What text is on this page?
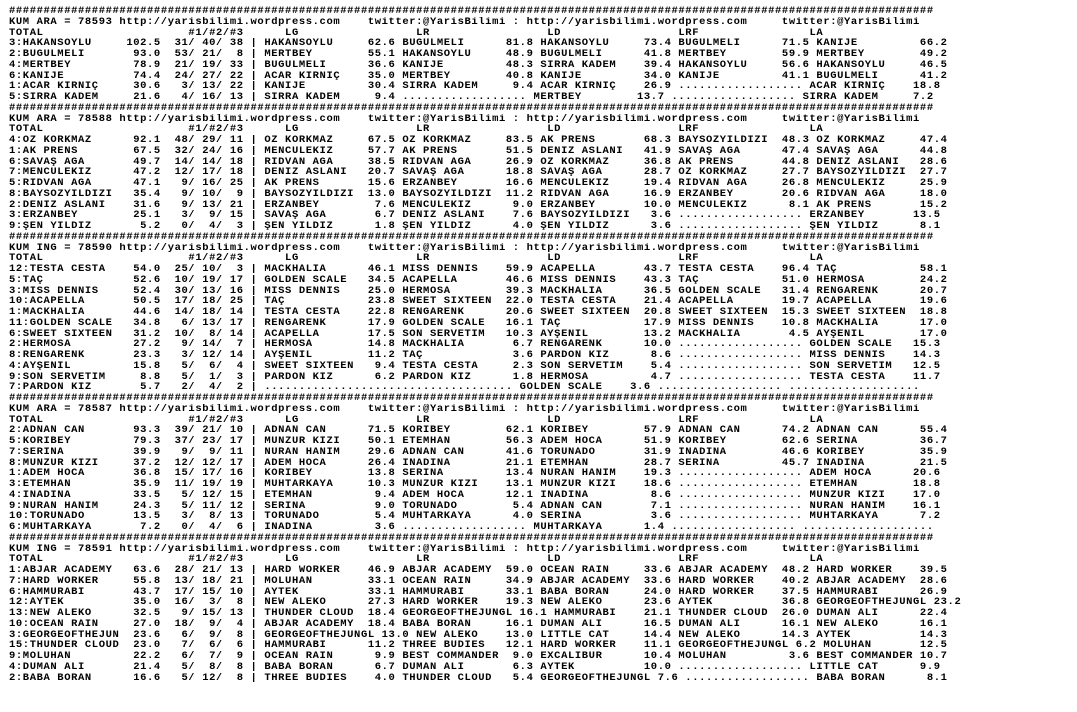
######################################################################################################################################
KUM ARA = 78593 http://yarisbilimi.wordpress.com    twitter:@YarisBilimi : http://yarisbilimi.wordpress.com     twitter:@YarisBilimi
TOTAL                     #1/#2/#3      LG                 LR                 LD                 LRF                LA
3:HAKANSOYLU     102.5  31/ 40/ 38 | HAKANSOYLU     62.6 BÜĞÜLMELİ      81.8 HAKANSOYLU     73.4 BÜĞÜLMELİ      71.5 KANİJE         66.2
2:BÜĞÜLMELİ       93.0  53/ 21/  8 | MERTBEY        55.1 HAKANSOYLU     48.9 BÜĞÜLMELİ      41.8 MERTBEY        59.9 MERTBEY        49.2
4:MERTBEY         78.9  21/ 19/ 33 | BÜĞÜLMELİ      36.6 KANİJE         48.3 SIRRA KADEM    39.4 HAKANSOYLU     56.6 HAKANSOYLU     46.5
6:KANİJE          74.4  24/ 27/ 22 | ACAR KIRNIÇ    35.0 MERTBEY        40.8 KANİJE         34.0 KANİJE         41.1 BÜĞÜLMELİ      41.2
1:ACAR KIRNIÇ     30.6   3/ 13/ 22 | KANİJE         30.4 SIRRA KADEM     9.4 ACAR KIRNIÇ    26.9 .................. ACAR KIRNIÇ    18.8
5:SIRRA KADEM     21.6   4/ 16/ 13 | SIRRA KADEM     9.4 .................. MERTBEY        13.7 .................. SIRRA KADEM     7.2
######################################################################################################################################
KUM ARA = 78588 http://yarisbilimi.wordpress.com    twitter:@YarisBilimi : http://yarisbilimi.wordpress.com     twitter:@YarisBilimi
TOTAL                     #1/#2/#3      LG                 LR                 LD                 LRF                LA
4:ÖZ KORKMAZ      92.1  48/ 29/ 11 | ÖZ KORKMAZ     67.5 ÖZ KORKMAZ     83.5 AK PRENS       68.3 BAYSÖZYILDIZI  48.3 ÖZ KORKMAZ     47.4
1:AK PRENS        67.5  32/ 24/ 16 | MENCULEKİZ     57.7 AK PRENS       51.5 DENİZ ASLANI   41.9 SAVAŞ AĞA      47.4 SAVAŞ AĞA      44.8
6:SAVAŞ AĞA       49.7  14/ 14/ 18 | RIDVAN AĞA     38.5 RIDVAN AĞA     26.9 ÖZ KORKMAZ     36.8 AK PRENS       44.8 DENİZ ASLANI   28.6
7:MENCULEKİZ      47.2  12/ 17/ 18 | DENİZ ASLANI   20.7 SAVAŞ AĞA      18.8 SAVAŞ AĞA      28.7 ÖZ KORKMAZ     27.7 BAYSÖZYILDIZI  27.7
5:RIDVAN AĞA      47.1   9/ 16/ 25 | AK PRENS       15.6 ERZANBEY       16.6 MENCULEKİZ     19.4 RIDVAN AĞA     26.8 MENCULEKİZ     25.9
8:BAYSÖZYILDIZI   35.4   9/ 10/  9 | BAYSÖZYILDIZI  13.0 BAYSÖZYILDIZI  11.2 RIDVAN AĞA     16.9 ERZANBEY       20.6 RIDVAN AĞA     18.0
2:DENİZ ASLANI    31.6   9/ 13/ 21 | ERZANBEY        7.6 MENCULEKİZ      9.0 ERZANBEY       10.0 MENCULEKİZ      8.1 AK PRENS       15.2
3:ERZANBEY        25.1   3/  9/ 15 | SAVAŞ AĞA       6.7 DENİZ ASLANI    7.6 BAYSÖZYILDIZI   3.6 .................. ERZANBEY       13.5
9:ŞEN YILDIZ       5.2   0/  4/  3 | ŞEN YILDIZ      1.8 ŞEN YILDIZ      4.0 ŞEN YILDIZ      3.6 .................. ŞEN YILDIZ      8.1
######################################################################################################################################
KUM ING = 78590 http://yarisbilimi.wordpress.com    twitter:@YarisBilimi : http://yarisbilimi.wordpress.com     twitter:@YarisBilimi
TOTAL                     #1/#2/#3      LG                 LR                 LD                 LRF                LA
12:TESTA CESTA    54.0  25/ 10/  3 | MACKHALIA      46.1 MISS DENNIS    59.9 ACAPELLA       43.7 TESTA CESTA    96.4 TAÇ            58.1
5:TAÇ             52.6  10/ 19/ 17 | GOLDEN SCALE   34.5 ACAPELLA       46.6 MISS DENNIS    43.3 TAÇ            51.0 HERMOSA        24.2
3:MISS DENNIS     52.4  30/ 13/ 16 | MISS DENNIS    25.0 HERMOSA        39.3 MACKHALIA      36.5 GOLDEN SCALE   31.4 RENGARENK      20.7
10:ACAPELLA       50.5  17/ 18/ 25 | TAÇ            23.8 SWEET SIXTEEN  22.0 TESTA CESTA    21.4 ACAPELLA       19.7 ACAPELLA       19.6
1:MACKHALIA       44.6  14/ 18/ 14 | TESTA CESTA    22.8 RENGARENK      20.6 SWEET SIXTEEN  20.8 SWEET SIXTEEN  15.3 SWEET SIXTEEN  18.8
11:GOLDEN SCALE   34.8   6/ 13/ 17 | RENGARENK      17.9 GOLDEN SCALE   16.1 TAÇ            17.9 MISS DENNIS    10.8 MACKHALIA      17.0
6:SWEET SIXTEEN   31.2  10/  8/ 14 | ACAPELLA       17.5 SON SERVETİM   10.3 AYŞENİL        13.2 MACKHALIA       4.5 AYŞENİL        17.0
2:HERMOSA         27.2   9/ 14/  7 | HERMOSA        14.8 MACKHALIA       6.7 RENGARENK      10.0 .................. GOLDEN SCALE   15.3
8:RENGARENK       23.3   3/ 12/ 14 | AYŞENİL        11.2 TAÇ             3.6 PARDON KIZ      8.6 .................. MISS DENNIS    14.3
4:AYŞENİL         15.8   5/  6/  4 | SWEET SIXTEEN   9.4 TESTA CESTA     2.3 SON SERVETİM    5.4 .................. SON SERVETİM   12.5
9:SON SERVETİM     8.8   5/  1/  3 | PARDON KIZ      6.2 PARDON KIZ      1.8 HERMOSA         4.7 .................. TESTA CESTA    11.7
7:PARDON KIZ       5.7   2/  4/  2 | .................................... GOLDEN SCALE    3.6 .................. ...................
######################################################################################################################################
KUM ARA = 78587 http://yarisbilimi.wordpress.com    twitter:@YarisBilimi : http://yarisbilimi.wordpress.com     twitter:@YarisBilimi
TOTAL                     #1/#2/#3      LG                 LR                 LD                 LRF                LA
2:ADNAN CAN       93.3  39/ 21/ 10 | ADNAN CAN      71.5 KORİBEY        62.1 KORİBEY        57.9 ADNAN CAN      74.2 ADNAN CAN      55.4
5:KORİBEY         79.3  37/ 23/ 17 | MUNZUR KIZI    50.1 ETEMHAN        56.3 ADEM HOCA      51.9 KORİBEY        62.6 SERİNA         36.7
7:SERİNA          39.9   9/  9/ 11 | NURAN HANIM    29.6 ADNAN CAN      41.6 TORUNADO       31.9 İNADINA        46.6 KORİBEY        35.9
8:MUNZUR KIZI     37.2  12/ 12/ 17 | ADEM HOCA      26.4 İNADINA        21.1 ETEMHAN        28.7 SERİNA         45.7 İNADINA        21.5
1:ADEM HOCA       36.8  15/ 17/ 16 | KORİBEY        13.8 SERİNA         13.4 NURAN HANIM    19.3 .................. ADEM HOCA      20.6
3:ETEMHAN         35.9  11/ 19/ 19 | MUHTARKAYA     10.3 MUNZUR KIZI    13.1 MUNZUR KIZI    18.6 .................. ETEMHAN        18.8
4:İNADINA         33.5   5/ 12/ 15 | ETEMHAN         9.4 ADEM HOCA      12.1 İNADINA         8.6 .................. MUNZUR KIZI    17.0
9:NURAN HANIM     24.3   5/ 11/ 12 | SERİNA          9.0 TORUNADO        5.4 ADNAN CAN       7.1 .................. NURAN HANIM    16.1
10:TORUNADO       13.5   3/  8/ 13 | TORUNADO        5.4 MUHTARKAYA      4.0 SERİNA          3.6 .................. MUHTARKAYA      7.2
6:MUHTARKAYA       7.2   0/  4/  6 | İNADINA         3.6 .................. MUHTARKAYA      1.4 .................. ...................
######################################################################################################################################
KUM ING = 78591 http://yarisbilimi.wordpress.com    twitter:@YarisBilimi : http://yarisbilimi.wordpress.com     twitter:@YarisBilimi
TOTAL                     #1/#2/#3      LG                 LR                 LD                 LRF                LA
1:ABJAR ACADEMY   63.6  28/ 21/ 13 | HARD WORKER    46.9 ABJAR ACADEMY  59.0 OCEAN RAIN     33.6 ABJAR ACADEMY  48.2 HARD WORKER    39.5
7:HARD WORKER     55.8  13/ 18/ 21 | MOLUHAN        33.1 OCEAN RAIN     34.9 ABJAR ACADEMY  33.6 HARD WORKER    40.2 ABJAR ACADEMY  28.6
6:HAMMURABİ       43.7  17/ 15/ 10 | AYTEK          33.1 HAMMURABİ      33.1 BABA BORAN     24.0 HARD WORKER    37.5 HAMMURABİ      26.9
12:AYTEK          35.0  16/  3/  8 | NEW ALEKO      27.3 HARD WORKER    19.3 NEW ALEKO      23.6 AYTEK          36.8 GEORGEOFTHEJUNGL 23.2
13:NEW ALEKO      32.5   9/ 15/ 13 | THUNDER CLOUD  18.4 GEORGEOFTHEJUNGL 16.1 HAMMURABİ    21.1 THUNDER CLOUD  26.0 DUMAN ALİ      22.4
10:OCEAN RAIN     27.0  18/  9/  4 | ABJAR ACADEMY  18.4 BABA BORAN     16.1 DUMAN ALİ      16.5 DUMAN ALİ      16.1 NEW ALEKO      16.1
3:GEORGEOFTHEJUN  23.6   6/  9/  8 | GEORGEOFTHEJUNGL 13.0 NEW ALEKO    13.0 LITTLE CAT     14.4 NEW ALEKO      14.3 AYTEK          14.3
15:THUNDER CLOUD  23.0   7/  6/  6 | HAMMURABİ      11.2 THREE BUDIES   12.1 HARD WORKER    11.1 GEORGEOFTHEJUNGL 6.2 MOLUHAN       12.5
9:MOLUHAN         22.2   6/  7/  9 | OCEAN RAIN      9.9 BEST COMMANDER  9.0 EXCALIBUR      10.4 MOLUHAN         3.6 BEST COMMANDER 10.7
4:DUMAN ALİ       21.4   5/  8/  8 | BABA BORAN      6.7 DUMAN ALİ       6.3 AYTEK          10.0 .................. LITTLE CAT      9.9
2:BABA BORAN      16.6   5/ 12/  8 | THREE BUDIES    4.0 THUNDER CLOUD   5.4 GEORGEOFTHEJUNGL 7.6 .................. BABA BORAN      8.1
